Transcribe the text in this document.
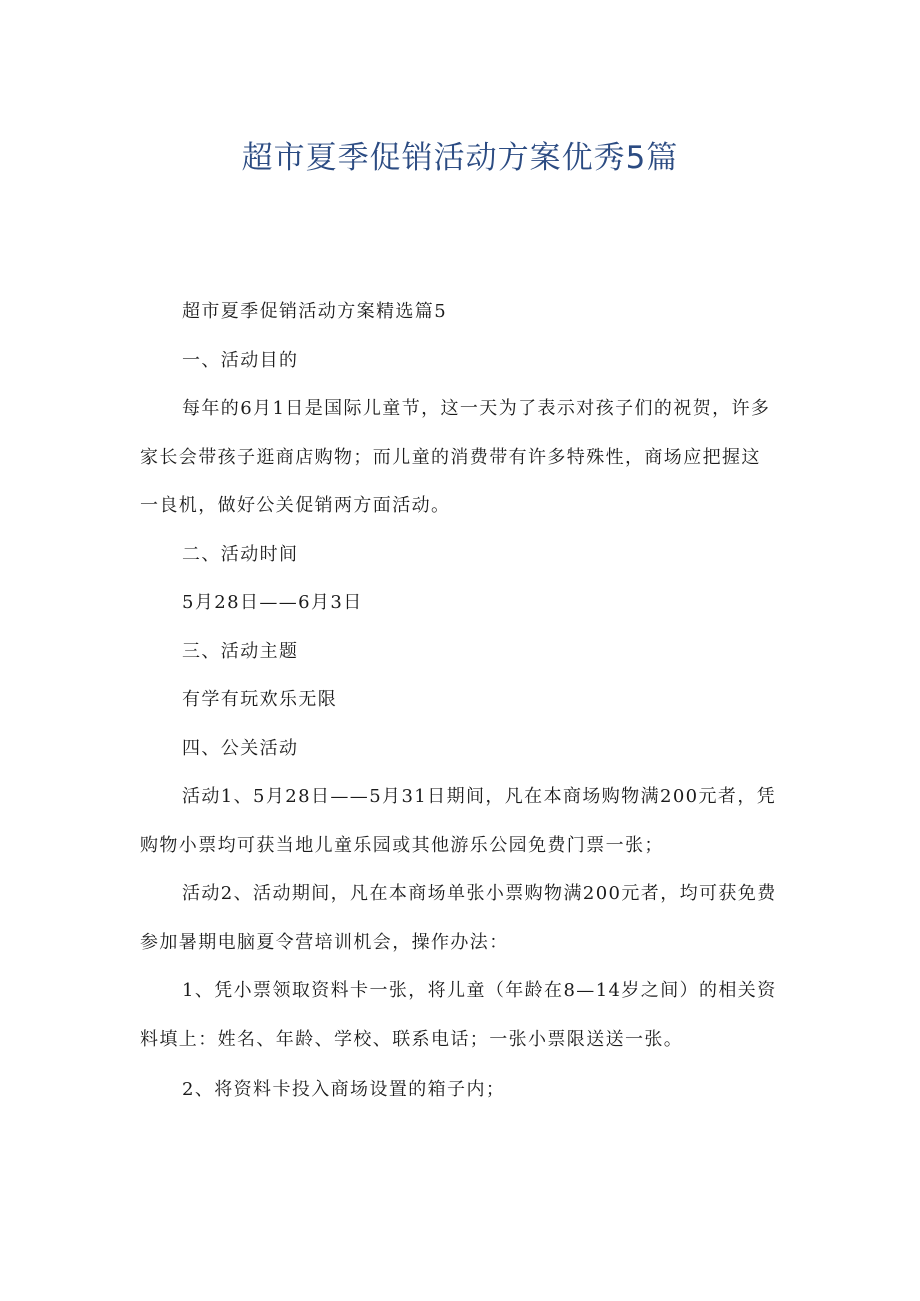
超市夏季促销活动方案优秀5篇

超市夏季促销活动方案精选篇5

一、活动目的

每年的6月1日是国际儿童节，这一天为了表示对孩子们的祝贺，许多家长会带孩子逛商店购物；而儿童的消费带有许多特殊性，商场应把握这一良机，做好公关促销两方面活动。

二、活动时间

5月28日——6月3日

三、活动主题

有学有玩欢乐无限

四、公关活动

活动1、5月28日——5月31日期间，凡在本商场购物满200元者，凭购物小票均可获当地儿童乐园或其他游乐公园免费门票一张；

活动2、活动期间，凡在本商场单张小票购物满200元者，均可获免费参加暑期电脑夏令营培训机会，操作办法：

1、凭小票领取资料卡一张，将儿童（年龄在8—14岁之间）的相关资料填上：姓名、年龄、学校、联系电话；一张小票限送送一张。

2、将资料卡投入商场设置的箱子内；
